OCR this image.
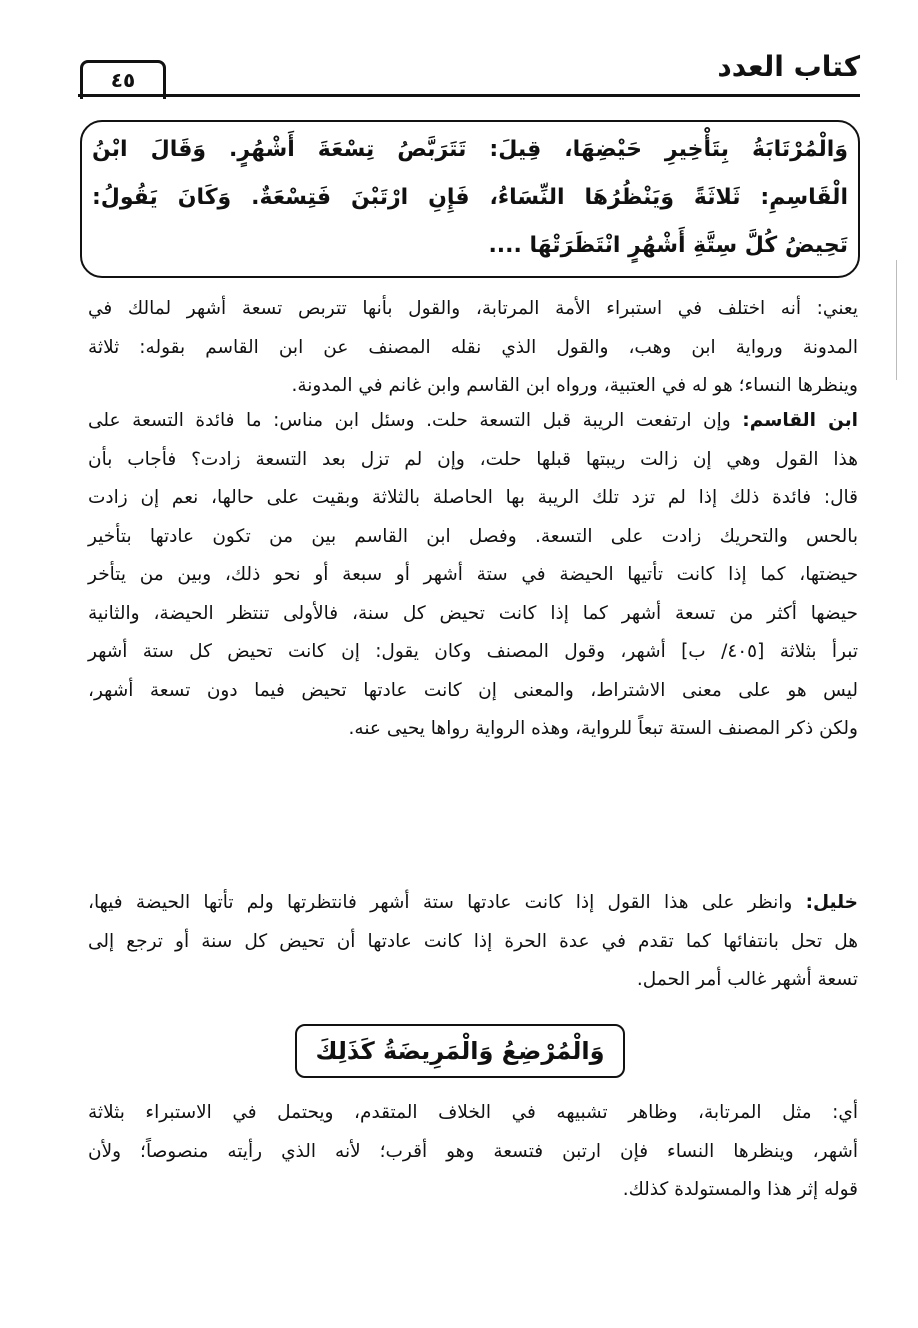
كتاب العدد
٤٥
وَالْمُرْتَابَةُ بِتَأْخِيرِ حَيْضِهَا، قِيلَ: تَتَرَبَّصُ تِسْعَةَ أَشْهُرٍ. وَقَالَ ابْنُ
الْقَاسِمِ: ثَلاثَةً وَيَنْظُرُهَا النِّسَاءُ، فَإِنِ ارْتَبْنَ فَتِسْعَةٌ. وَكَانَ يَقُولُ:
تَحِيضُ كُلَّ سِتَّةِ أَشْهُرٍ انْتَظَرَتْهَا ....
يعني: أنه اختلف في استبراء الأمة المرتابة، والقول بأنها تتربص تسعة أشهر لمالك في
المدونة ورواية ابن وهب، والقول الذي نقله المصنف عن ابن القاسم بقوله: ثلاثة
وينظرها النساء؛ هو له في العتبية، ورواه ابن القاسم وابن غانم في المدونة.
ابن القاسم: وإن ارتفعت الريبة قبل التسعة حلت. وسئل ابن مناس: ما فائدة التسعة على
هذا القول وهي إن زالت ريبتها قبلها حلت، وإن لم تزل بعد التسعة زادت؟ فأجاب بأن
قال: فائدة ذلك إذا لم تزد تلك الريبة بها الحاصلة بالثلاثة وبقيت على حالها، نعم إن زادت
بالحس والتحريك زادت على التسعة. وفصل ابن القاسم بين من تكون عادتها بتأخير
حيضتها، كما إذا كانت تأتيها الحيضة في ستة أشهر أو سبعة أو نحو ذلك، وبين من يتأخر
حيضها أكثر من تسعة أشهر كما إذا كانت تحيض كل سنة، فالأولى تنتظر الحيضة، والثانية
تبرأ بثلاثة [٤٠٥/ ب] أشهر، وقول المصنف وكان يقول: إن كانت تحيض كل ستة أشهر
ليس هو على معنى الاشتراط، والمعنى إن كانت عادتها تحيض فيما دون تسعة أشهر،
ولكن ذكر المصنف الستة تبعاً للرواية، وهذه الرواية رواها يحيى عنه.
خليل: وانظر على هذا القول إذا كانت عادتها ستة أشهر فانتظرتها ولم تأتها الحيضة فيها،
هل تحل بانتفائها كما تقدم في عدة الحرة إذا كانت عادتها أن تحيض كل سنة أو ترجع إلى
تسعة أشهر غالب أمر الحمل.
وَالْمُرْضِعُ وَالْمَرِيضَةُ كَذَلِكَ
أي: مثل المرتابة، وظاهر تشبيهه في الخلاف المتقدم، ويحتمل في الاستبراء بثلاثة
أشهر، وينظرها النساء فإن ارتبن فتسعة وهو أقرب؛ لأنه الذي رأيته منصوصاً؛ ولأن
قوله إثر هذا والمستولدة كذلك.
